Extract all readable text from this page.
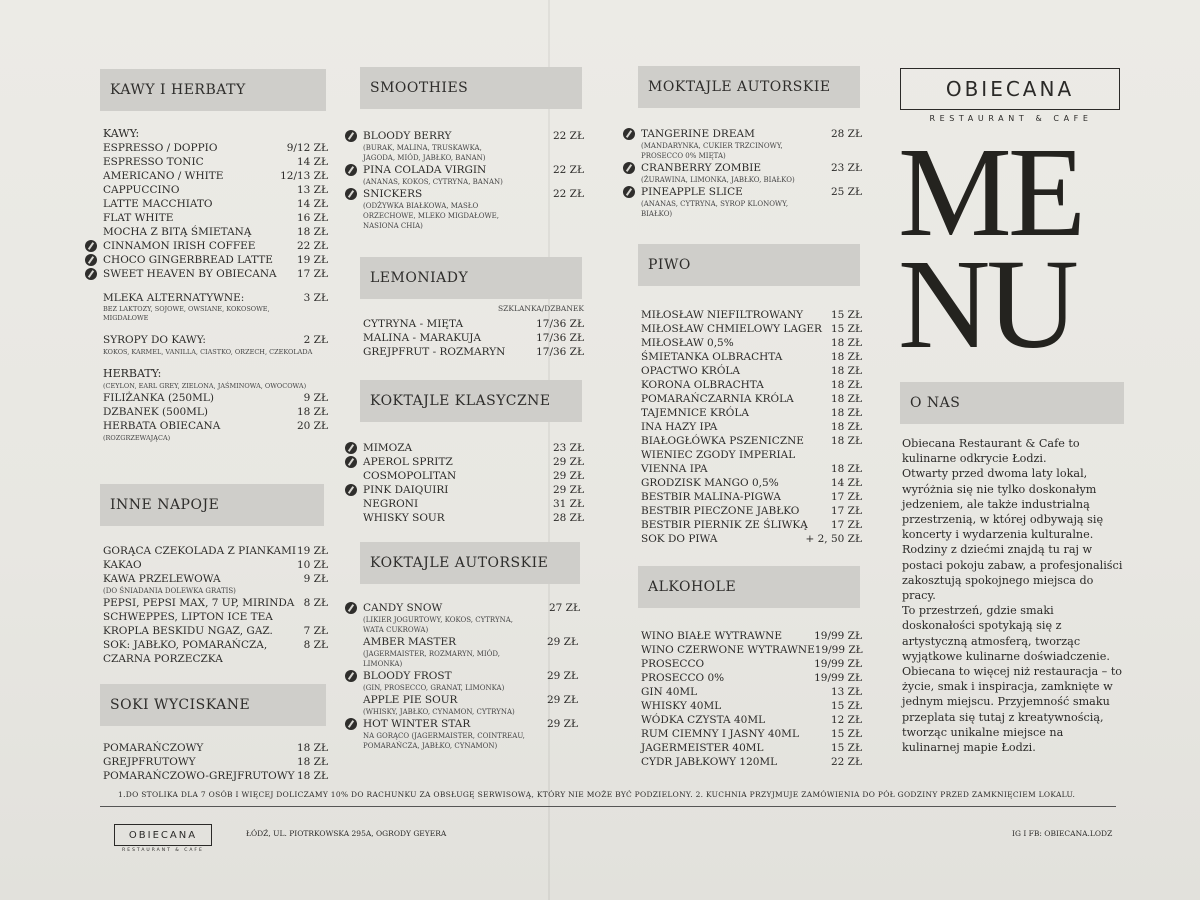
KAWY I HERBATY
KAWY:
ESPRESSO / DOPPIO	9/12 ZŁ
ESPRESSO TONIC	14 ZŁ
AMERICANO / WHITE	12/13 ZŁ
CAPPUCCINO	13 ZŁ
LATTE MACCHIATO	14 ZŁ
FLAT WHITE	16 ZŁ
MOCHA Z BITĄ ŚMIETANĄ	18 ZŁ
CINNAMON IRISH COFFEE	22 ZŁ
CHOCO GINGERBREAD LATTE 19 ZŁ
SWEET HEAVEN BY OBIECANA 17 ZŁ
MLEKA ALTERNATYWNE:	3 ZŁ
BEZ LAKTOZY, SOJOWE, OWSIANE, KOKOSOWE, MIGDAŁOWE
SYROPY DO KAWY:	2 ZŁ
KOKOS, KARMEL, VANILLA, CIASTKO, ORZECH, CZEKOLADA
HERBATY:
(CEYLON, EARL GREY, ZIELONA, JAŚMINOWA, OWOCOWA)
FILIŻANKA (250ML)	9 ZŁ
DZBANEK (500ML)	18 ZŁ
HERBATA OBIECANA	20 ZŁ
(ROZGRZEWAJĄCA)
INNE NAPOJE
GORĄCA CZEKOLADA Z PIANKAMI 19 ZŁ
KAKAO	10 ZŁ
KAWA PRZELEWOWA	9 ZŁ
(DO ŚNIADANIA DOLEWKA GRATIS)
PEPSI, PEPSI MAX, 7 UP, MIRINDA 8 ZŁ
SCHWEPPES, LIPTON ICE TEA
KROPLA BESKIDU NGAZ, GAZ.	7 ZŁ
SOK: JABŁKO, POMARAŃCZA,	8 ZŁ
CZARNA PORZECZKA
SOKI WYCISKANE
POMARAŃCZOWY	18 ZŁ
GREJPFRUTOWY	18 ZŁ
POMARAŃCZOWO-GREJFRUTOWY 18 ZŁ
SMOOTHIES
BLOODY BERRY	22 ZŁ
(BURAK, MALINA, TRUSKAWKA,
JAGODA, MIÓD, JABŁKO, BANAN)
PINA COLADA VIRGIN	22 ZŁ
(ANANAS, KOKOS, CYTRYNA, BANAN)
SNICKERS	22 ZŁ
(ODŻYWKA BIAŁKOWA, MASŁO
ORZECHOWE, MLEKO MIGDAŁOWE,
NASIONA CHIA)
LEMONIADY
SZKLANKA/DZBANEK
CYTRYNA - MIĘTA	17/36 ZŁ
MALINA - MARAKUJA	17/36 ZŁ
GREJPFRUT - ROZMARYN	17/36 ZŁ
KOKTAJLE KLASYCZNE
MIMOZA	23 ZŁ
APEROL SPRITZ	29 ZŁ
COSMOPOLITAN	29 ZŁ
PINK DAIQUIRI	29 ZŁ
NEGRONI	31 ZŁ
WHISKY SOUR	28 ZŁ
KOKTAJLE AUTORSKIE
CANDY SNOW	27 ZŁ
(LIKIER JOGURTOWY, KOKOS, CYTRYNA,
WATA CUKROWA)
AMBER MASTER	29 ZŁ
(JAGERMAISTER, ROZMARYN, MIÓD,
LIMONKA)
BLOODY FROST	29 ZŁ
(GIN, PROSECCO, GRANAT, LIMONKA)
APPLE PIE SOUR	29 ZŁ
(WHISKY, JABŁKO, CYNAMON, CYTRYNA)
HOT WINTER STAR	29 ZŁ
NA GORĄCO (JAGERMAISTER, COINTREAU,
POMARAŃCZA, JABŁKO, CYNAMON)
MOKTAJLE AUTORSKIE
TANGERINE DREAM	28 ZŁ
(MANDARYNKA, CUKIER TRZCINOWY,
PROSECCO 0% MIĘTA)
CRANBERRY ZOMBIE	23 ZŁ
(ŻURAWINA, LIMONKA, JABŁKO, BIAŁKO)
PINEAPPLE SLICE	25 ZŁ
(ANANAS, CYTRYNA, SYROP KLONOWY,
BIAŁKO)
PIWO
MIŁOSŁAW NIEFILTROWANY	15 ZŁ
MIŁOSŁAW CHMIELOWY LAGER 15 ZŁ
MIŁOSŁAW 0,5%	18 ZŁ
ŚMIETANKA OLBRACHTA	18 ZŁ
OPACTWO KRÓLA	18 ZŁ
KORONA OLBRACHTA	18 ZŁ
POMARAŃCZARNIA KRÓLA	18 ZŁ
TAJEMNICE KRÓLA	18 ZŁ
INA HAZY IPA	18 ZŁ
BIAŁOGŁÓWKA PSZENICZNE	18 ZŁ
WIENIEC ZGODY IMPERIAL
VIENNA IPA	18 ZŁ
GRODZISK MANGO 0,5%	14 ZŁ
BESTBIR MALINA-PIGWA	17 ZŁ
BESTBIR PIECZONE JABŁKO	17 ZŁ
BESTBIR PIERNIK ZE ŚLIWKĄ 17 ZŁ
SOK DO PIWA	+ 2, 50 ZŁ
ALKOHOLE
WINO BIAŁE WYTRAWNE	19/99 ZŁ
WINO CZERWONE WYTRAWNE 19/99 ZŁ
PROSECCO	19/99 ZŁ
PROSECCO 0%	19/99 ZŁ
GIN 40ML	13 ZŁ
WHISKY 40ML	15 ZŁ
WÓDKA CZYSTA 40ML	12 ZŁ
RUM CIEMNY I JASNY 40ML	15 ZŁ
JAGERMEISTER 40ML	15 ZŁ
CYDR JABŁKOWY 120ML	22 ZŁ
OBIECANA
RESTAURANT & CAFE
ME
NU
O NAS
Obiecana Restaurant & Cafe to kulinarne odkrycie Łodzi.
Otwarty przed dwoma laty lokal, wyróżnia się nie tylko doskonałym jedzeniem, ale także industrialną przestrzenią, w której odbywają się koncerty i wydarzenia kulturalne.
Rodziny z dziećmi znajdą tu raj w postaci pokoju zabaw, a profesjonaliści zakosztują spokojnego miejsca do pracy.
To przestrzeń, gdzie smaki doskonałości spotykają się z artystyczną atmosferą, tworząc wyjątkowe kulinarne doświadczenie.
Obiecana to więcej niż restauracja – to życie, smak i inspiracja, zamknięte w jednym miejscu. Przyjemność smaku przeplata się tutaj z kreatywnością, tworząc unikalne miejsce na kulinarnej mapie Łodzi.
1.DO STOLIKA DLA 7 OSÓB I WIĘCEJ DOLICZAMY 10% DO RACHUNKU ZA OBSŁUGĘ SERWISOWĄ, KTÓRY NIE MOŻE BYĆ PODZIELONY. 2. KUCHNIA PRZYJMUJE ZAMÓWIENIA DO PÓŁ GODZINY PRZED ZAMKNIĘCIEM LOKALU.
OBIECANA
RESTAURANT & CAFE
ŁÓDŹ, UL. PIOTRKOWSKA 295A, OGRODY GEYERA	IG I FB: OBIECANA.LODZ
